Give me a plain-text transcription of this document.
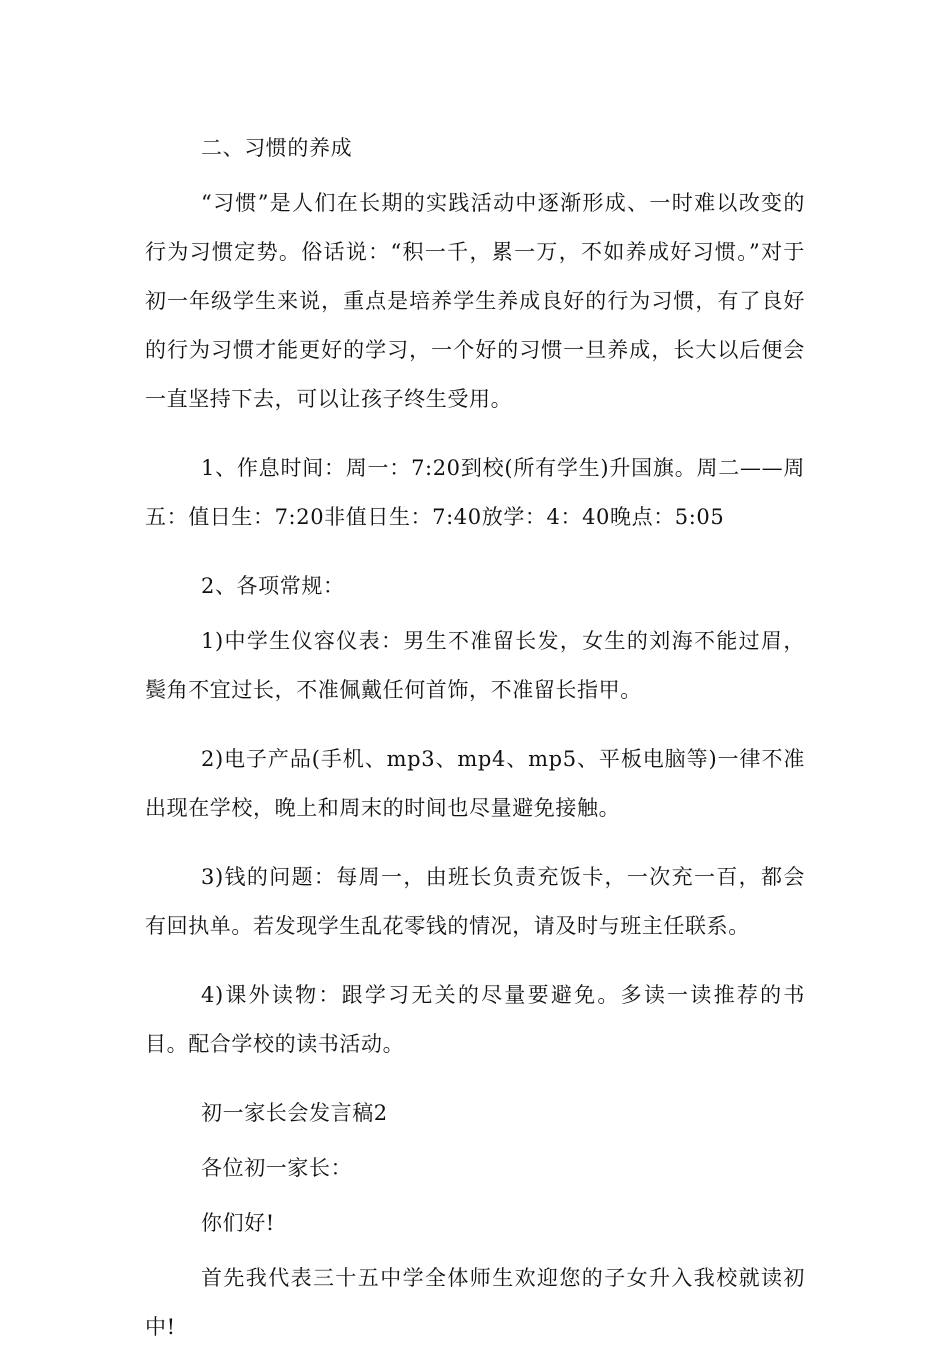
二、习惯的养成

“习惯”是人们在长期的实践活动中逐渐形成、一时难以改变的行为习惯定势。俗话说：“积一千，累一万，不如养成好习惯。”对于初一年级学生来说，重点是培养学生养成良好的行为习惯，有了良好的行为习惯才能更好的学习，一个好的习惯一旦养成，长大以后便会一直坚持下去，可以让孩子终生受用。

1、作息时间：周一：7:20到校(所有学生)升国旗。周二——周五：值日生：7:20非值日生：7:40放学：4：40晚点：5:05

2、各项常规：

1)中学生仪容仪表：男生不准留长发，女生的刘海不能过眉，鬓角不宜过长，不准佩戴任何首饰，不准留长指甲。

2)电子产品(手机、mp3、mp4、mp5、平板电脑等)一律不准出现在学校，晚上和周末的时间也尽量避免接触。

3)钱的问题：每周一，由班长负责充饭卡，一次充一百，都会有回执单。若发现学生乱花零钱的情况，请及时与班主任联系。

4)课外读物：跟学习无关的尽量要避免。多读一读推荐的书目。配合学校的读书活动。

初一家长会发言稿2

各位初一家长：

你们好!

首先我代表三十五中学全体师生欢迎您的子女升入我校就读初中!
